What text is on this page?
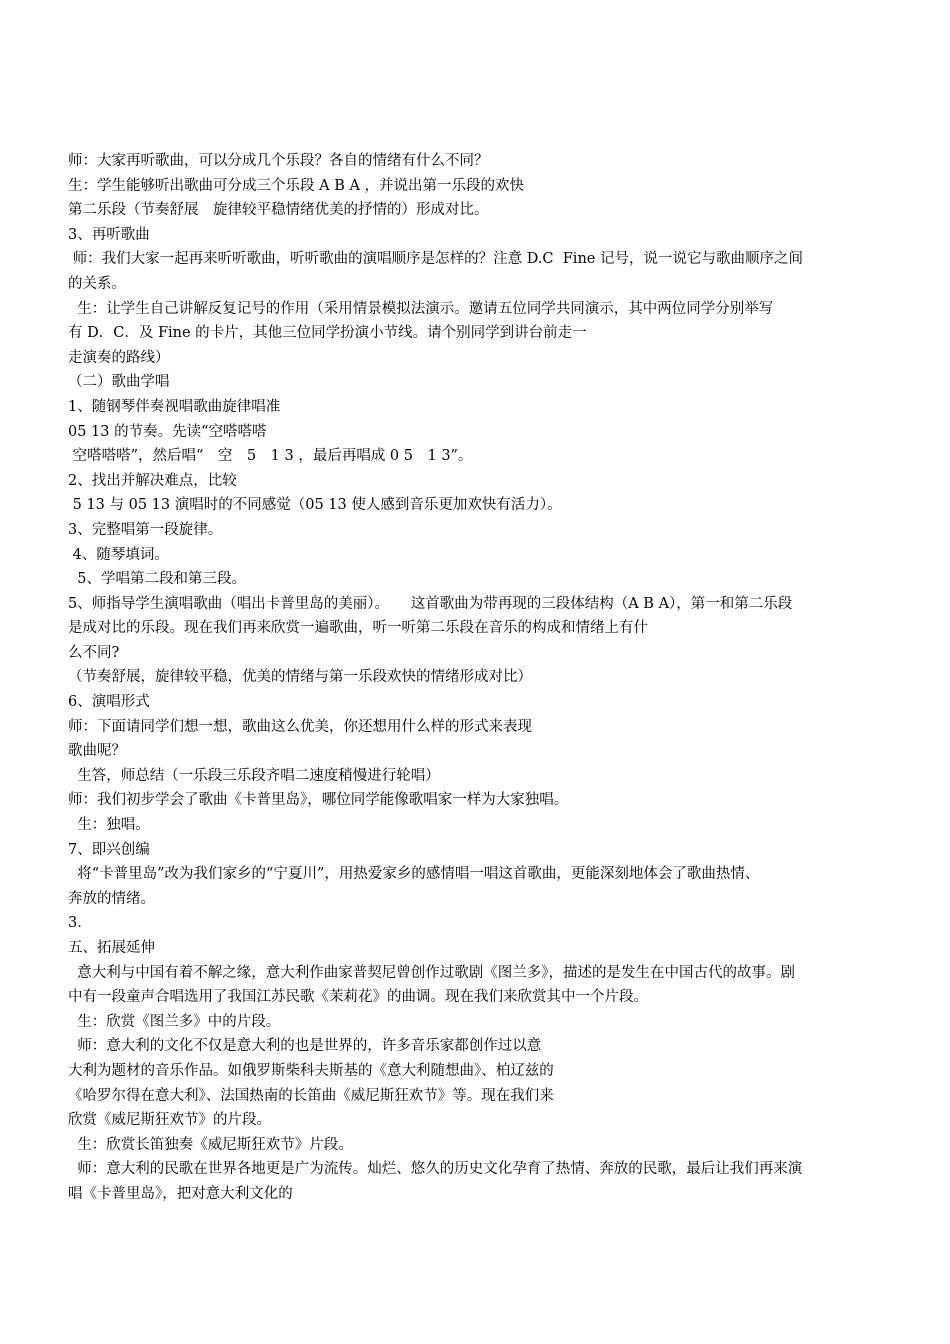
师：大家再听歌曲，可以分成几个乐段？各自的情绪有什么不同？
生：学生能够听出歌曲可分成三个乐段 A B A ，并说出第一乐段的欢快
第二乐段（节奏舒展　旋律较平稳情绪优美的抒情的）形成对比。
3、再听歌曲
师：我们大家一起再来听听歌曲，听听歌曲的演唱顺序是怎样的？注意 D.C  Fine 记号，说一说它与歌曲顺序之间
的关系。
生：让学生自己讲解反复记号的作用（采用情景模拟法演示。邀请五位同学共同演示，其中两位同学分别举写
有 D．C．及 Fine 的卡片，其他三位同学扮演小节线。请个别同学到讲台前走一
走演奏的路线）
（二）歌曲学唱
1、随钢琴伴奏视唱歌曲旋律唱准
05 13 的节奏。先读“空嗒嗒嗒
空嗒嗒嗒”，然后唱“　空　5　1 3 ，最后再唱成 0 5　1 3”。
2、找出并解决难点，比较
5 13 与 05 13 演唱时的不同感觉（05 13 使人感到音乐更加欢快有活力）。
3、完整唱第一段旋律。
4、随琴填词。
5、学唱第二段和第三段。
5、师指导学生演唱歌曲（唱出卡普里岛的美丽）。　　这首歌曲为带再现的三段体结构（A B A），第一和第二乐段
是成对比的乐段。现在我们再来欣赏一遍歌曲，听一听第二乐段在音乐的构成和情绪上有什
么不同?
（节奏舒展，旋律较平稳，优美的情绪与第一乐段欢快的情绪形成对比）
6、演唱形式
师：下面请同学们想一想，歌曲这么优美，你还想用什么样的形式来表现
歌曲呢？
生答，师总结（一乐段三乐段齐唱二速度稍慢进行轮唱）
师：我们初步学会了歌曲《卡普里岛》，哪位同学能像歌唱家一样为大家独唱。
生：独唱。
7、即兴创编
将“卡普里岛”改为我们家乡的“宁夏川”，用热爱家乡的感情唱一唱这首歌曲，更能深刻地体会了歌曲热情、
奔放的情绪。
3．
五、拓展延伸
意大利与中国有着不解之缘，意大利作曲家普契尼曾创作过歌剧《图兰多》，描述的是发生在中国古代的故事。剧
中有一段童声合唱选用了我国江苏民歌《茉莉花》的曲调。现在我们来欣赏其中一个片段。
生：欣赏《图兰多》中的片段。
师：意大利的文化不仅是意大利的也是世界的，许多音乐家都创作过以意
大利为题材的音乐作品。如俄罗斯柴科夫斯基的《意大利随想曲》、柏辽兹的
《哈罗尔得在意大利》、法国热南的长笛曲《威尼斯狂欢节》等。现在我们来
欣赏《威尼斯狂欢节》的片段。
生：欣赏长笛独奏《威尼斯狂欢节》片段。
师：意大利的民歌在世界各地更是广为流传。灿烂、悠久的历史文化孕育了热情、奔放的民歌，最后让我们再来演
唱《卡普里岛》，把对意大利文化的
